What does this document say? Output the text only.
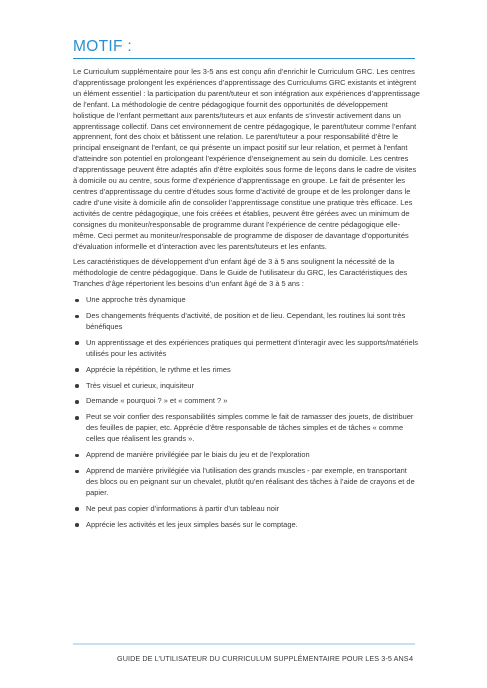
MOTIF :

Le Curriculum supplémentaire pour les 3-5 ans est conçu afin d’enrichir le Curriculum GRC. Les centres d’apprentissage prolongent les expériences d’apprentissage des Curriculums GRC existants et intègrent un élément essentiel : la participation du parent/tuteur et son intégration aux expériences d’apprentissage de l’enfant. La méthodologie de centre pédagogique fournit des opportunités de développement holistique de l’enfant permettant aux parents/tuteurs et aux enfants de s’investir activement dans un apprentissage collectif. Dans cet environnement de centre pédagogique, le parent/tuteur comme l’enfant apprennent, font des choix et bâtissent une relation. Le parent/tuteur a pour responsabilité d’être le principal enseignant de l’enfant, ce qui présente un impact positif sur leur relation, et permet à l’enfant d’atteindre son potentiel en prolongeant l’expérience d’enseignement au sein du domicile. Les centres d’apprentissage peuvent être adaptés afin d’être exploités sous forme de leçons dans le cadre de visites à domicile ou au centre, sous forme d’expérience d’apprentissage en groupe. Le fait de présenter les centres d’apprentissage du centre d’études sous forme d’activité de groupe et de les prolonger dans le cadre d’une visite à domicile afin de consolider l’apprentissage constitue une pratique très efficace. Les activités de centre pédagogique, une fois créées et établies, peuvent être gérées avec un minimum de consignes du moniteur/responsable de programme durant l’expérience de centre pédagogique elle-même. Ceci permet au moniteur/responsable de programme de disposer de davantage d’opportunités d’évaluation informelle et d’interaction avec les parents/tuteurs et les enfants.

Les caractéristiques de développement d’un enfant âgé de 3 à 5 ans soulignent la nécessité de la méthodologie de centre pédagogique. Dans le Guide de l’utilisateur du GRC, les Caractéristiques des Tranches d’âge répertorient les besoins d’un enfant âgé de 3 à 5 ans :

Une approche très dynamique
Des changements fréquents d’activité, de position et de lieu. Cependant, les routines lui sont très bénéfiques
Un apprentissage et des expériences pratiques qui permettent d’interagir avec les supports/matériels utilisés pour les activités
Apprécie la répétition, le rythme et les rimes
Très visuel et curieux, inquisiteur
Demande « pourquoi ? » et « comment ? »
Peut se voir confier des responsabilités simples comme le fait de ramasser des jouets, de distribuer des feuilles de papier, etc. Apprécie d’être responsable de tâches simples et de tâches « comme celles que réalisent les grands ».
Apprend de manière privilégiée par le biais du jeu et de l’exploration
Apprend de manière privilégiée via l’utilisation des grands muscles - par exemple, en transportant des blocs ou en peignant sur un chevalet, plutôt qu’en réalisant des tâches à l’aide de crayons et de papier.
Ne peut pas copier d’informations à partir d’un tableau noir
Apprécie les activités et les jeux simples basés sur le comptage.
GUIDE DE L’UTILISATEUR DU CURRICULUM SUPPLÉMENTAIRE POUR LES 3-5 ANS 4
